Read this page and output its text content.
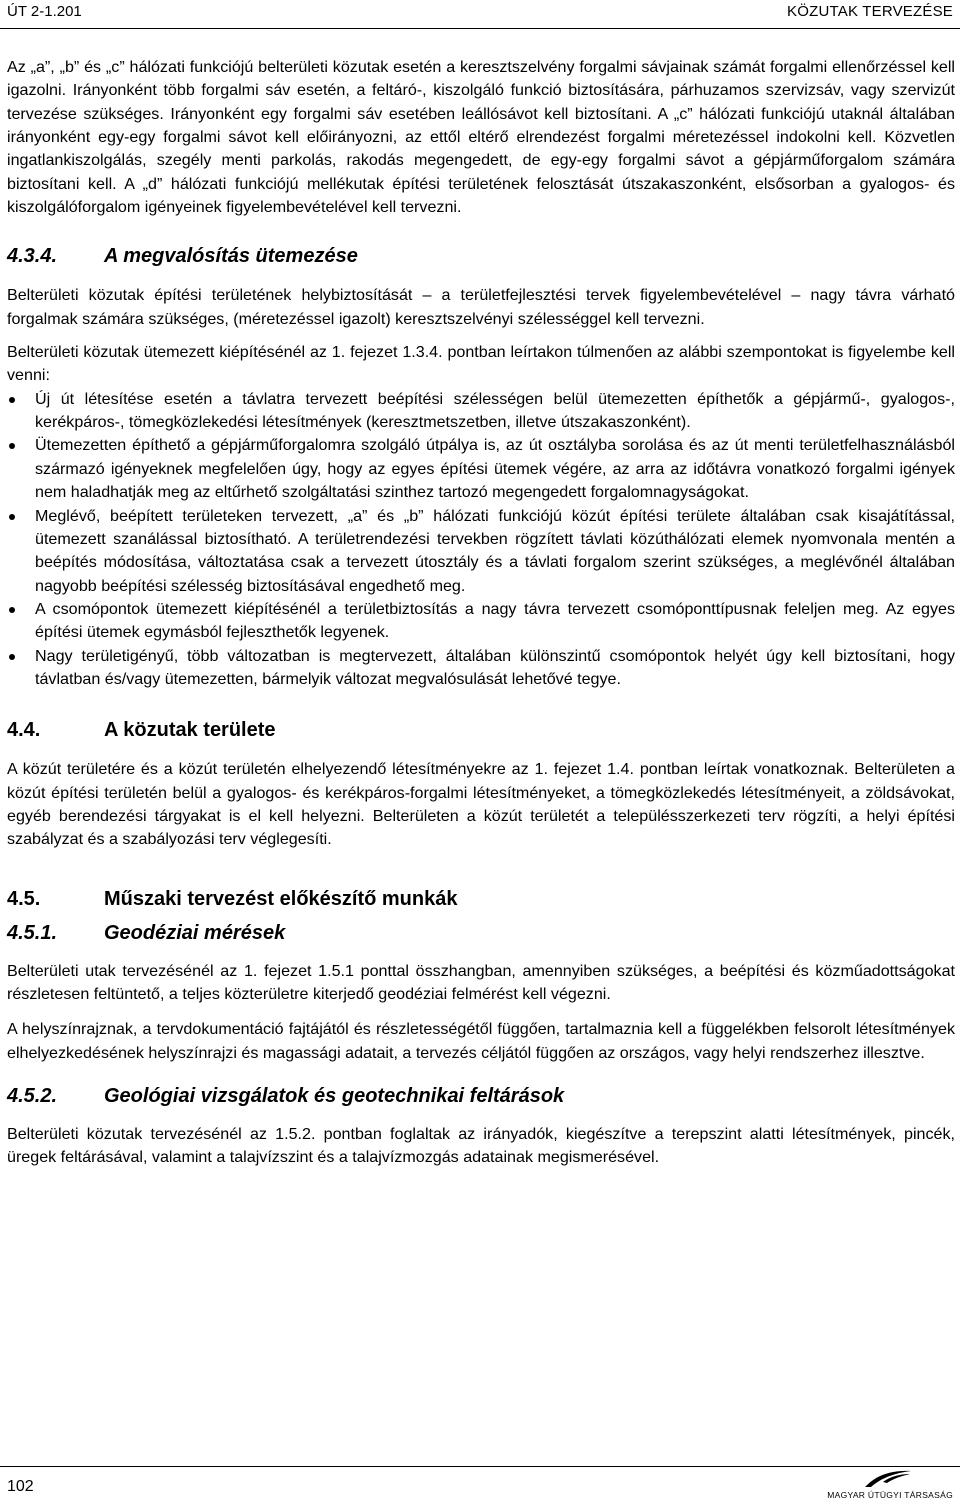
ÚT 2-1.201	KÖZUTAK TERVEZÉSE

Az „a”, „b” és „c” hálózati funkciójú belterületi közutak esetén a keresztszelvény forgalmi sávjainak számát forgalmi ellenőrzéssel kell igazolni. Irányonként több forgalmi sáv esetén, a feltáró-, kiszolgáló funkció biztosítására, párhuzamos szervizsáv, vagy szervizút tervezése szükséges. Irányonként egy forgalmi sáv esetében leállósávot kell biztosítani. A „c” hálózati funkciójú utaknál általában irányonként egy-egy forgalmi sávot kell előirányozni, az ettől eltérő elrendezést forgalmi méretezéssel indokolni kell. Közvetlen ingatlankiszolgálás, szegély menti parkolás, rakodás megengedett, de egy-egy forgalmi sávot a gépjárműforgalom számára biztosítani kell. A „d” hálózati funkciójú mellékutak építési területének felosztását útszakaszonként, elsősorban a gyalogos- és kiszolgálóforgalom igényeinek figyelembevételével kell tervezni.

4.3.4.	A megvalósítás ütemezése

Belterületi közutak építési területének helybiztosítását – a területfejlesztési tervek figyelembevételével – nagy távra várható forgalmak számára szükséges, (méretezéssel igazolt) keresztszelvényi szélességgel kell tervezni.

Belterületi közutak ütemezett kiépítésénél az 1. fejezet 1.3.4. pontban leírtakon túlmenően az alábbi szempontokat is figyelembe kell venni:

Új út létesítése esetén a távlatra tervezett beépítési szélességen belül ütemezetten építhetők a gépjármű-, gyalogos-, kerékpáros-, tömegközlekedési létesítmények (keresztmetszetben, illetve útszakaszonként).
Ütemezetten építhető a gépjárműforgalomra szolgáló útpálya is, az út osztályba sorolása és az út menti területfelhasználásból származó igényeknek megfelelően úgy, hogy az egyes építési ütemek végére, az arra az időtávra vonatkozó forgalmi igények nem haladhatják meg az eltűrhető szolgáltatási szinthez tartozó megengedett forgalomnagyságokat.
Meglévő, beépített területeken tervezett, „a” és „b” hálózati funkciójú közút építési területe általában csak kisajátítással, ütemezett szanálással biztosítható. A területrendezési tervekben rögzített távlati közúthálózati elemek nyomvonala mentén a beépítés módosítása, változtatása csak a tervezett útosztály és a távlati forgalom szerint szükséges, a meglévőnél általában nagyobb beépítési szélesség biztosításával engedhető meg.
A csomópontok ütemezett kiépítésénél a területbiztosítás a nagy távra tervezett csomóponttípusnak feleljen meg. Az egyes építési ütemek egymásból fejleszthetők legyenek.
Nagy területigényű, több változatban is megtervezett, általában különszintű csomópontok helyét úgy kell biztosítani, hogy távlatban és/vagy ütemezetten, bármelyik változat megvalósulását lehetővé tegye.
4.4.	A közutak területe

A közút területére és a közút területén elhelyezendő létesítményekre az 1. fejezet 1.4. pontban leírtak vonatkoznak. Belterületen a közút építési területén belül a gyalogos- és kerékpáros-forgalmi létesítményeket, a tömegközlekedés létesítményeit, a zöldsávokat, egyéb berendezési tárgyakat is el kell helyezni. Belterületen a közút területét a településszerkezeti terv rögzíti, a helyi építési szabályzat és a szabályozási terv véglegesíti.

4.5.	Műszaki tervezést előkészítő munkák
4.5.1.	Geodéziai mérések

Belterületi utak tervezésénél az 1. fejezet 1.5.1 ponttal összhangban, amennyiben szükséges, a beépítési és közműadottságokat részletesen feltüntető, a teljes közterületre kiterjedő geodéziai felmérést kell végezni.

A helyszínrajznak, a tervdokumentáció fajtájától és részletességétől függően, tartalmaznia kell a függelékben felsorolt létesítmények elhelyezkedésének helyszínrajzi és magassági adatait, a tervezés céljától függően az országos, vagy helyi rendszerhez illesztve.

4.5.2.	Geológiai vizsgálatok és geotechnikai feltárások

Belterületi közutak tervezésénél az 1.5.2. pontban foglaltak az irányadók, kiegészítve a terepszint alatti létesítmények, pincék, üregek feltárásával, valamint a talajvízszint és a talajvízmozgás adatainak megismerésével.

102	MAGYAR ÚTÜGYI TÁRSASÁG
